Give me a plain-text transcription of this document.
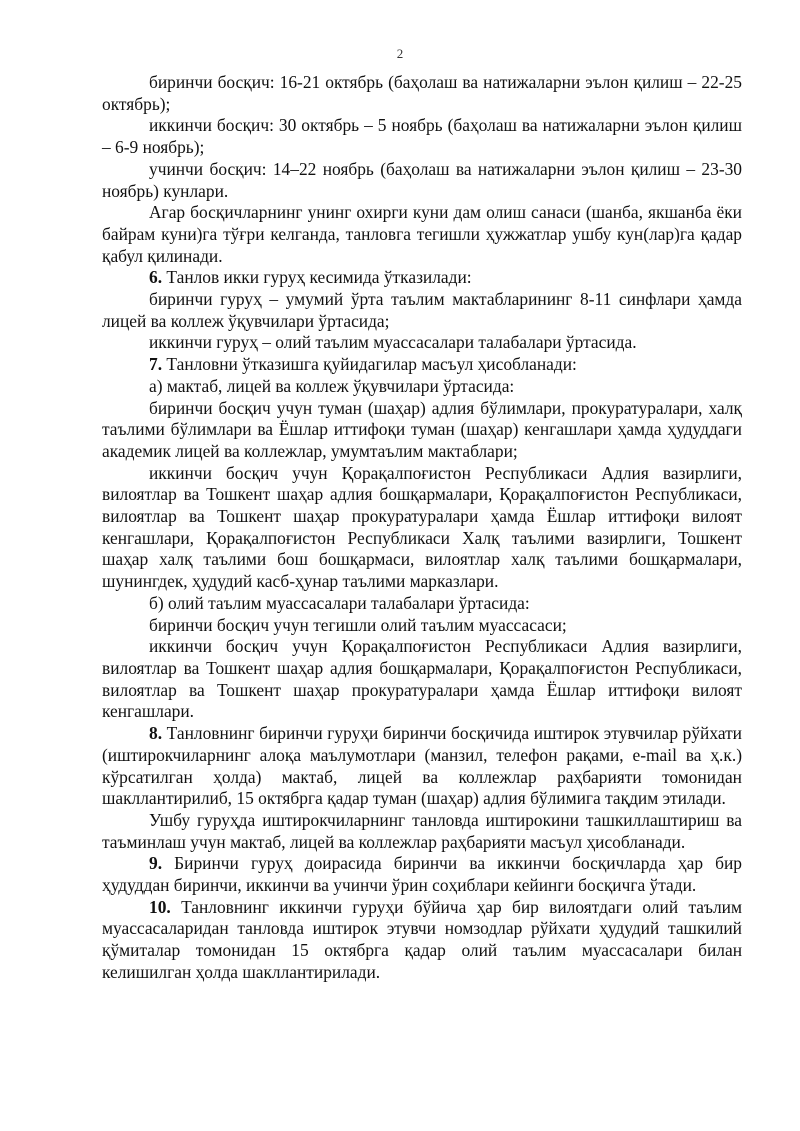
2

биринчи босқич: 16-21 октябрь (баҳолаш ва натижаларни эълон қилиш – 22-25 октябрь);

иккинчи босқич: 30 октябрь – 5 ноябрь (баҳолаш ва натижаларни эълон қилиш – 6-9 ноябрь);

учинчи босқич: 14–22 ноябрь (баҳолаш ва натижаларни эълон қилиш – 23-30 ноябрь) кунлари.

Агар босқичларнинг унинг охирги куни дам олиш санаси (шанба, якшанба ёки байрам куни)га тўғри келганда, танловга тегишли ҳужжатлар ушбу кун(лар)га қадар қабул қилинади.

6. Танлов икки гуруҳ кесимида ўтказилади:

биринчи гуруҳ – умумий ўрта таълим мактабларининг 8-11 синфлари ҳамда лицей ва коллеж ўқувчилари ўртасида;

иккинчи гуруҳ – олий таълим муассасалари талабалари ўртасида.

7. Танловни ўтказишга қуйидагилар масъул ҳисобланади:

а) мактаб, лицей ва коллеж ўқувчилари ўртасида:

биринчи босқич учун туман (шаҳар) адлия бўлимлари, прокуратуралари, халқ таълими бўлимлари ва Ёшлар иттифоқи туман (шаҳар) кенгашлари ҳамда ҳудуддаги академик лицей ва коллежлар, умумтаълим мактаблари;

иккинчи босқич учун Қорақалпоғистон Республикаси Адлия вазирлиги, вилоятлар ва Тошкент шаҳар адлия бошқармалари, Қорақалпоғистон Республикаси, вилоятлар ва Тошкент шаҳар прокуратуралари ҳамда Ёшлар иттифоқи вилоят кенгашлари, Қорақалпоғистон Республикаси Халқ таълими вазирлиги, Тошкент шаҳар халқ таълими бош бошқармаси, вилоятлар халқ таълими бошқармалари, шунингдек, ҳудудий касб-ҳунар таълими марказлари.

б) олий таълим муассасалари талабалари ўртасида:

биринчи босқич учун тегишли олий таълим муассасаси;

иккинчи босқич учун Қорақалпоғистон Республикаси Адлия вазирлиги, вилоятлар ва Тошкент шаҳар адлия бошқармалари, Қорақалпоғистон Республикаси, вилоятлар ва Тошкент шаҳар прокуратуралари ҳамда Ёшлар иттифоқи вилоят кенгашлари.

8. Танловнинг биринчи гуруҳи биринчи босқичида иштирок этувчилар рўйхати (иштирокчиларнинг алоқа маълумотлари (манзил, телефон рақами, e-mail ва ҳ.к.) кўрсатилган ҳолда) мактаб, лицей ва коллежлар раҳбарияти томонидан шакллантирилиб, 15 октябрга қадар туман (шаҳар) адлия бўлимига тақдим этилади.

Ушбу гуруҳда иштирокчиларнинг танловда иштирокини ташкиллаштириш ва таъминлаш учун мактаб, лицей ва коллежлар раҳбарияти масъул ҳисобланади.

9. Биринчи гуруҳ доирасида биринчи ва иккинчи босқичларда ҳар бир ҳудуддан биринчи, иккинчи ва учинчи ўрин соҳиблари кейинги босқичга ўтади.

10. Танловнинг иккинчи гуруҳи бўйича ҳар бир вилоятдаги олий таълим муассасаларидан танловда иштирок этувчи номзодлар рўйхати ҳудудий ташкилий қўмиталар томонидан 15 октябрга қадар олий таълим муассасалари билан келишилган ҳолда шакллантирилади.
